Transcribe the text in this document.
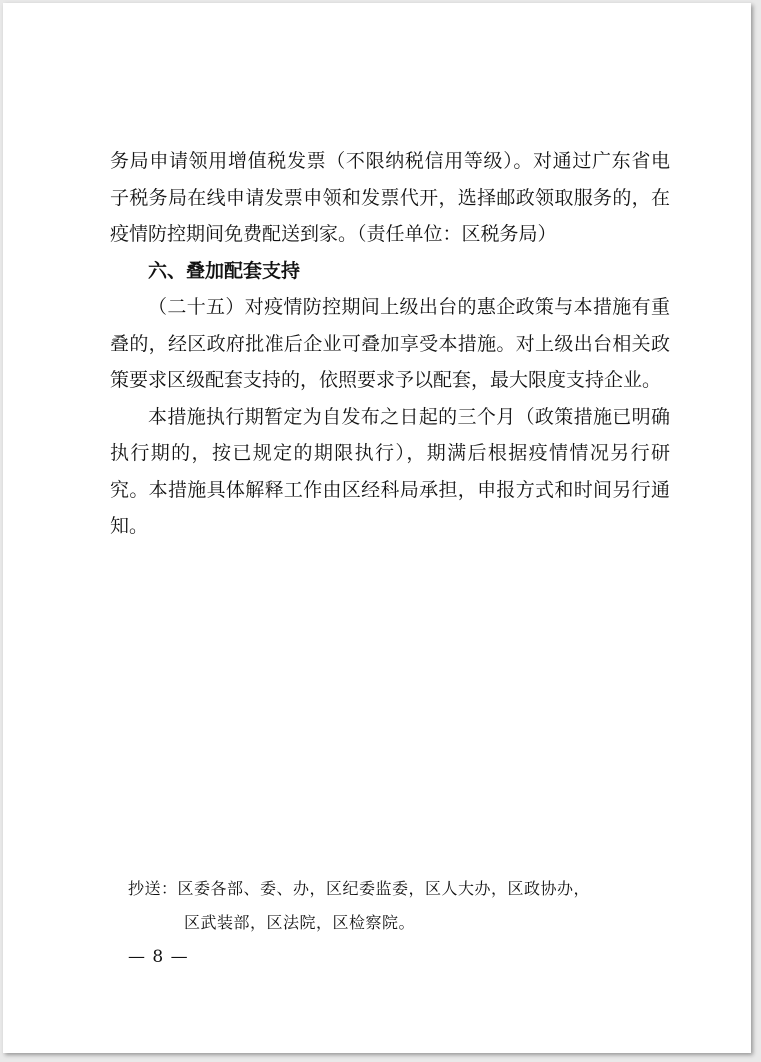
务局申请领用增值税发票（不限纳税信用等级）。对通过广东省电子税务局在线申请发票申领和发票代开，选择邮政领取服务的，在疫情防控期间免费配送到家。（责任单位：区税务局）

六、叠加配套支持

（二十五）对疫情防控期间上级出台的惠企政策与本措施有重叠的，经区政府批准后企业可叠加享受本措施。对上级出台相关政策要求区级配套支持的，依照要求予以配套，最大限度支持企业。

本措施执行期暂定为自发布之日起的三个月（政策措施已明确执行期的，按已规定的期限执行），期满后根据疫情情况另行研究。本措施具体解释工作由区经科局承担，申报方式和时间另行通知。

抄送：区委各部、委、办，区纪委监委，区人大办，区政协办，
区武装部，区法院，区检察院。
— 8 —
